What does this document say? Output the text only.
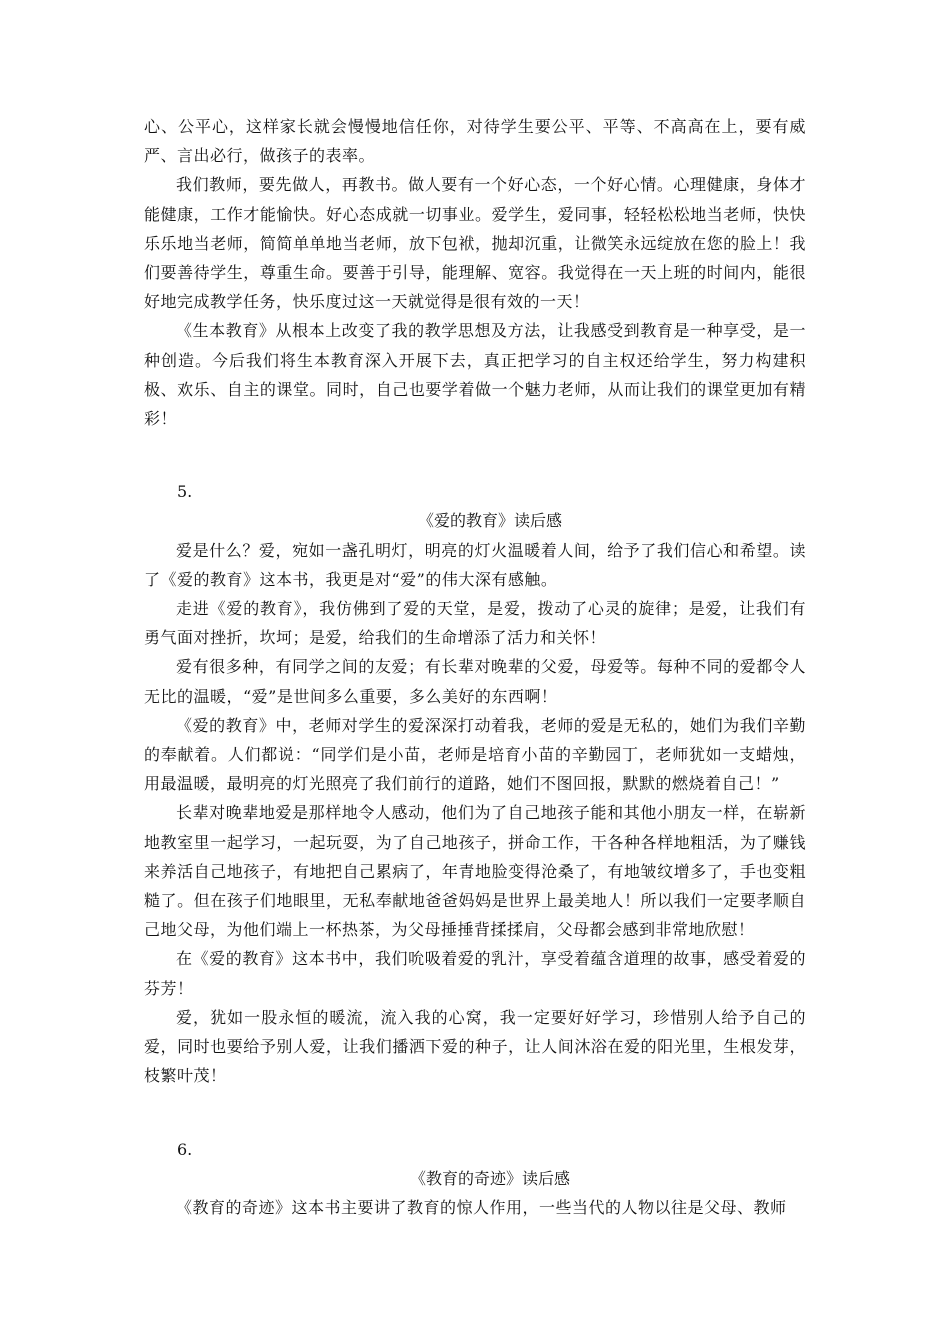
心、公平心，这样家长就会慢慢地信任你，对待学生要公平、平等、不高高在上，要有威严、言出必行，做孩子的表率。

我们教师，要先做人，再教书。做人要有一个好心态，一个好心情。心理健康，身体才能健康，工作才能愉快。好心态成就一切事业。爱学生，爱同事，轻轻松松地当老师，快快乐乐地当老师，简简单单地当老师，放下包袱，抛却沉重，让微笑永远绽放在您的脸上！我们要善待学生，尊重生命。要善于引导，能理解、宽容。我觉得在一天上班的时间内，能很好地完成教学任务，快乐度过这一天就觉得是很有效的一天！

《生本教育》从根本上改变了我的教学思想及方法，让我感受到教育是一种享受，是一种创造。今后我们将生本教育深入开展下去，真正把学习的自主权还给学生，努力构建积极、欢乐、自主的课堂。同时，自己也要学着做一个魅力老师，从而让我们的课堂更加有精彩！

5.

《爱的教育》读后感

爱是什么？爱，宛如一盏孔明灯，明亮的灯火温暖着人间，给予了我们信心和希望。读了《爱的教育》这本书，我更是对“爱”的伟大深有感触。

走进《爱的教育》，我仿佛到了爱的天堂，是爱，拨动了心灵的旋律；是爱，让我们有勇气面对挫折，坎坷；是爱，给我们的生命增添了活力和关怀！

爱有很多种，有同学之间的友爱；有长辈对晚辈的父爱，母爱等。每种不同的爱都令人无比的温暖，“爱”是世间多么重要，多么美好的东西啊！

《爱的教育》中，老师对学生的爱深深打动着我，老师的爱是无私的，她们为我们辛勤的奉献着。人们都说：“同学们是小苗，老师是培育小苗的辛勤园丁，老师犹如一支蜡烛，用最温暖，最明亮的灯光照亮了我们前行的道路，她们不图回报，默默的燃烧着自己！”

长辈对晚辈地爱是那样地令人感动，他们为了自己地孩子能和其他小朋友一样，在崭新地教室里一起学习，一起玩耍，为了自己地孩子，拼命工作，干各种各样地粗活，为了赚钱来养活自己地孩子，有地把自己累病了，年青地脸变得沧桑了，有地皱纹增多了，手也变粗糙了。但在孩子们地眼里，无私奉献地爸爸妈妈是世界上最美地人！所以我们一定要孝顺自己地父母，为他们端上一杯热茶，为父母捶捶背揉揉肩，父母都会感到非常地欣慰！

在《爱的教育》这本书中，我们吮吸着爱的乳汁，享受着蕴含道理的故事，感受着爱的芬芳！

爱，犹如一股永恒的暖流，流入我的心窝，我一定要好好学习，珍惜别人给予自己的爱，同时也要给予别人爱，让我们播洒下爱的种子，让人间沐浴在爱的阳光里，生根发芽，枝繁叶茂！

6.

《教育的奇迹》读后感

《教育的奇迹》这本书主要讲了教育的惊人作用，一些当代的人物以往是父母、教师
